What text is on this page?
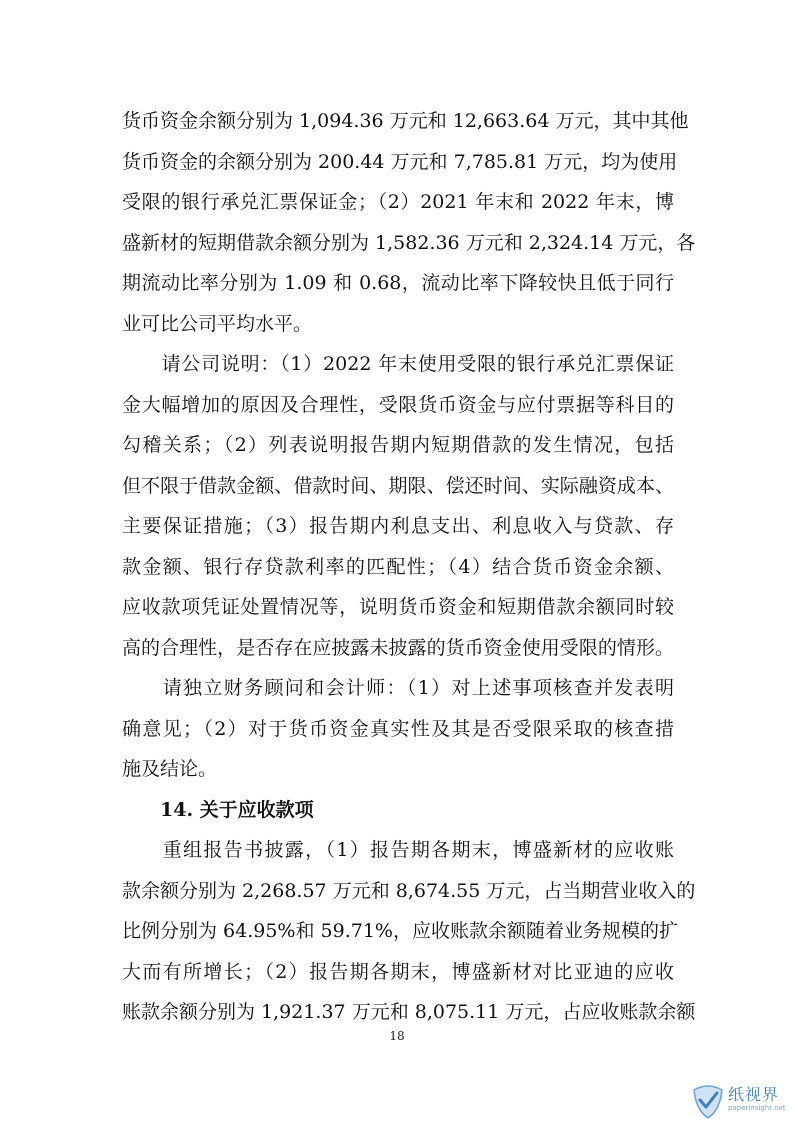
货币资金余额分别为 1,094.36 万元和 12,663.64 万元，其中其他
货币资金的余额分别为 200.44 万元和 7,785.81 万元，均为使用
受限的银行承兑汇票保证金；（2）2021 年末和 2022 年末，博
盛新材的短期借款余额分别为 1,582.36 万元和 2,324.14 万元，各
期流动比率分别为 1.09 和 0.68，流动比率下降较快且低于同行
业可比公司平均水平。
　　请公司说明：（1）2022 年末使用受限的银行承兑汇票保证
金大幅增加的原因及合理性，受限货币资金与应付票据等科目的
勾稽关系；（2）列表说明报告期内短期借款的发生情况，包括
但不限于借款金额、借款时间、期限、偿还时间、实际融资成本、
主要保证措施；（3）报告期内利息支出、利息收入与贷款、存
款金额、银行存贷款利率的匹配性；（4）结合货币资金余额、
应收款项凭证处置情况等，说明货币资金和短期借款余额同时较
高的合理性，是否存在应披露未披露的货币资金使用受限的情形。
　　请独立财务顾问和会计师：（1）对上述事项核查并发表明
确意见；（2）对于货币资金真实性及其是否受限采取的核查措
施及结论。
14. 关于应收款项
　　重组报告书披露，（1）报告期各期末，博盛新材的应收账
款余额分别为 2,268.57 万元和 8,674.55 万元，占当期营业收入的
比例分别为 64.95%和 59.71%，应收账款余额随着业务规模的扩
大而有所增长；（2）报告期各期末，博盛新材对比亚迪的应收
账款余额分别为 1,921.37 万元和 8,075.11 万元，占应收账款余额
18
纸视界
paperinsight.net
